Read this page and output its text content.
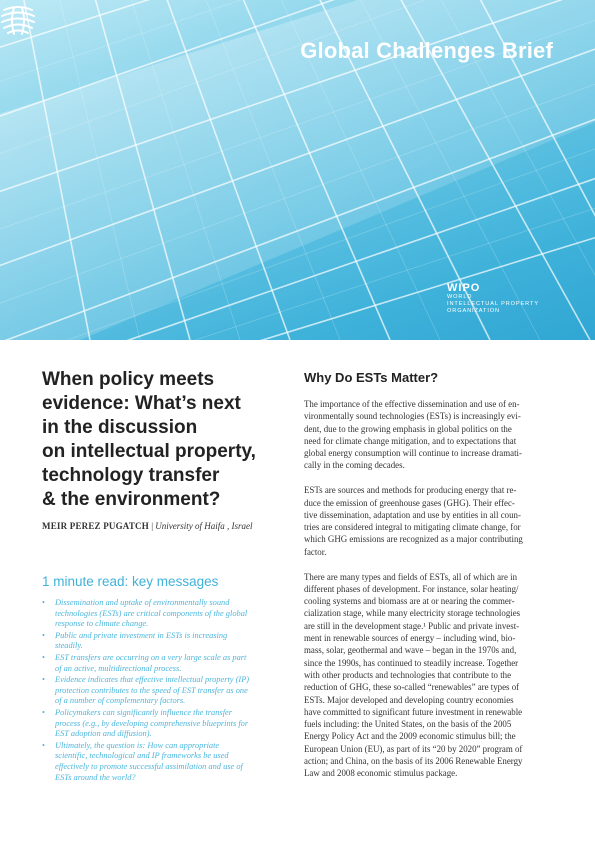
Global Challenges Brief
WIPO
WORLD
INTELLECTUAL PROPERTY
ORGANIZATION
When policy meets
evidence: What’s next
in the discussion
on intellectual property,
technology transfer
& the environment?
MEIR PEREZ PUGATCH | University of Haifa , Israel
1 minute read: key messages
• Dissemination and uptake of environmentally sound
technologies (ESTs) are critical components of the global
response to climate change.
• Public and private investment in ESTs is increasing
steadily.
• EST transfers are occurring on a very large scale as part
of an active, multidirectional process.
• Evidence indicates that effective intellectual property (IP)
protection contributes to the speed of EST transfer as one
of a number of complementary factors.
• Policymakers can significantly influence the transfer
process (e.g., by developing comprehensive blueprints for
EST adoption and diffusion).
• Ultimately, the question is: How can appropriate
scientific, technological and IP frameworks be used
effectively to promote successful assimilation and use of
ESTs around the world?
Why Do ESTs Matter?

The importance of the effective dissemination and use of en-
vironmentally sound technologies (ESTs) is increasingly evi-
dent, due to the growing emphasis in global politics on the
need for climate change mitigation, and to expectations that
global energy consumption will continue to increase dramati-
cally in the coming decades.

ESTs are sources and methods for producing energy that re-
duce the emission of greenhouse gases (GHG). Their effec-
tive dissemination, adaptation and use by entities in all coun-
tries are considered integral to mitigating climate change, for
which GHG emissions are recognized as a major contributing
factor.

There are many types and fields of ESTs, all of which are in
different phases of development. For instance, solar heating/
cooling systems and biomass are at or nearing the commer-
cialization stage, while many electricity storage technologies
are still in the development stage.¹ Public and private invest-
ment in renewable sources of energy – including wind, bio-
mass, solar, geothermal and wave – began in the 1970s and,
since the 1990s, has continued to steadily increase. Together
with other products and technologies that contribute to the
reduction of GHG, these so-called “renewables” are types of
ESTs. Major developed and developing country economies
have committed to significant future investment in renewable
fuels including: the United States, on the basis of the 2005
Energy Policy Act and the 2009 economic stimulus bill; the
European Union (EU), as part of its “20 by 2020” program of
action; and China, on the basis of its 2006 Renewable Energy
Law and 2008 economic stimulus package.
